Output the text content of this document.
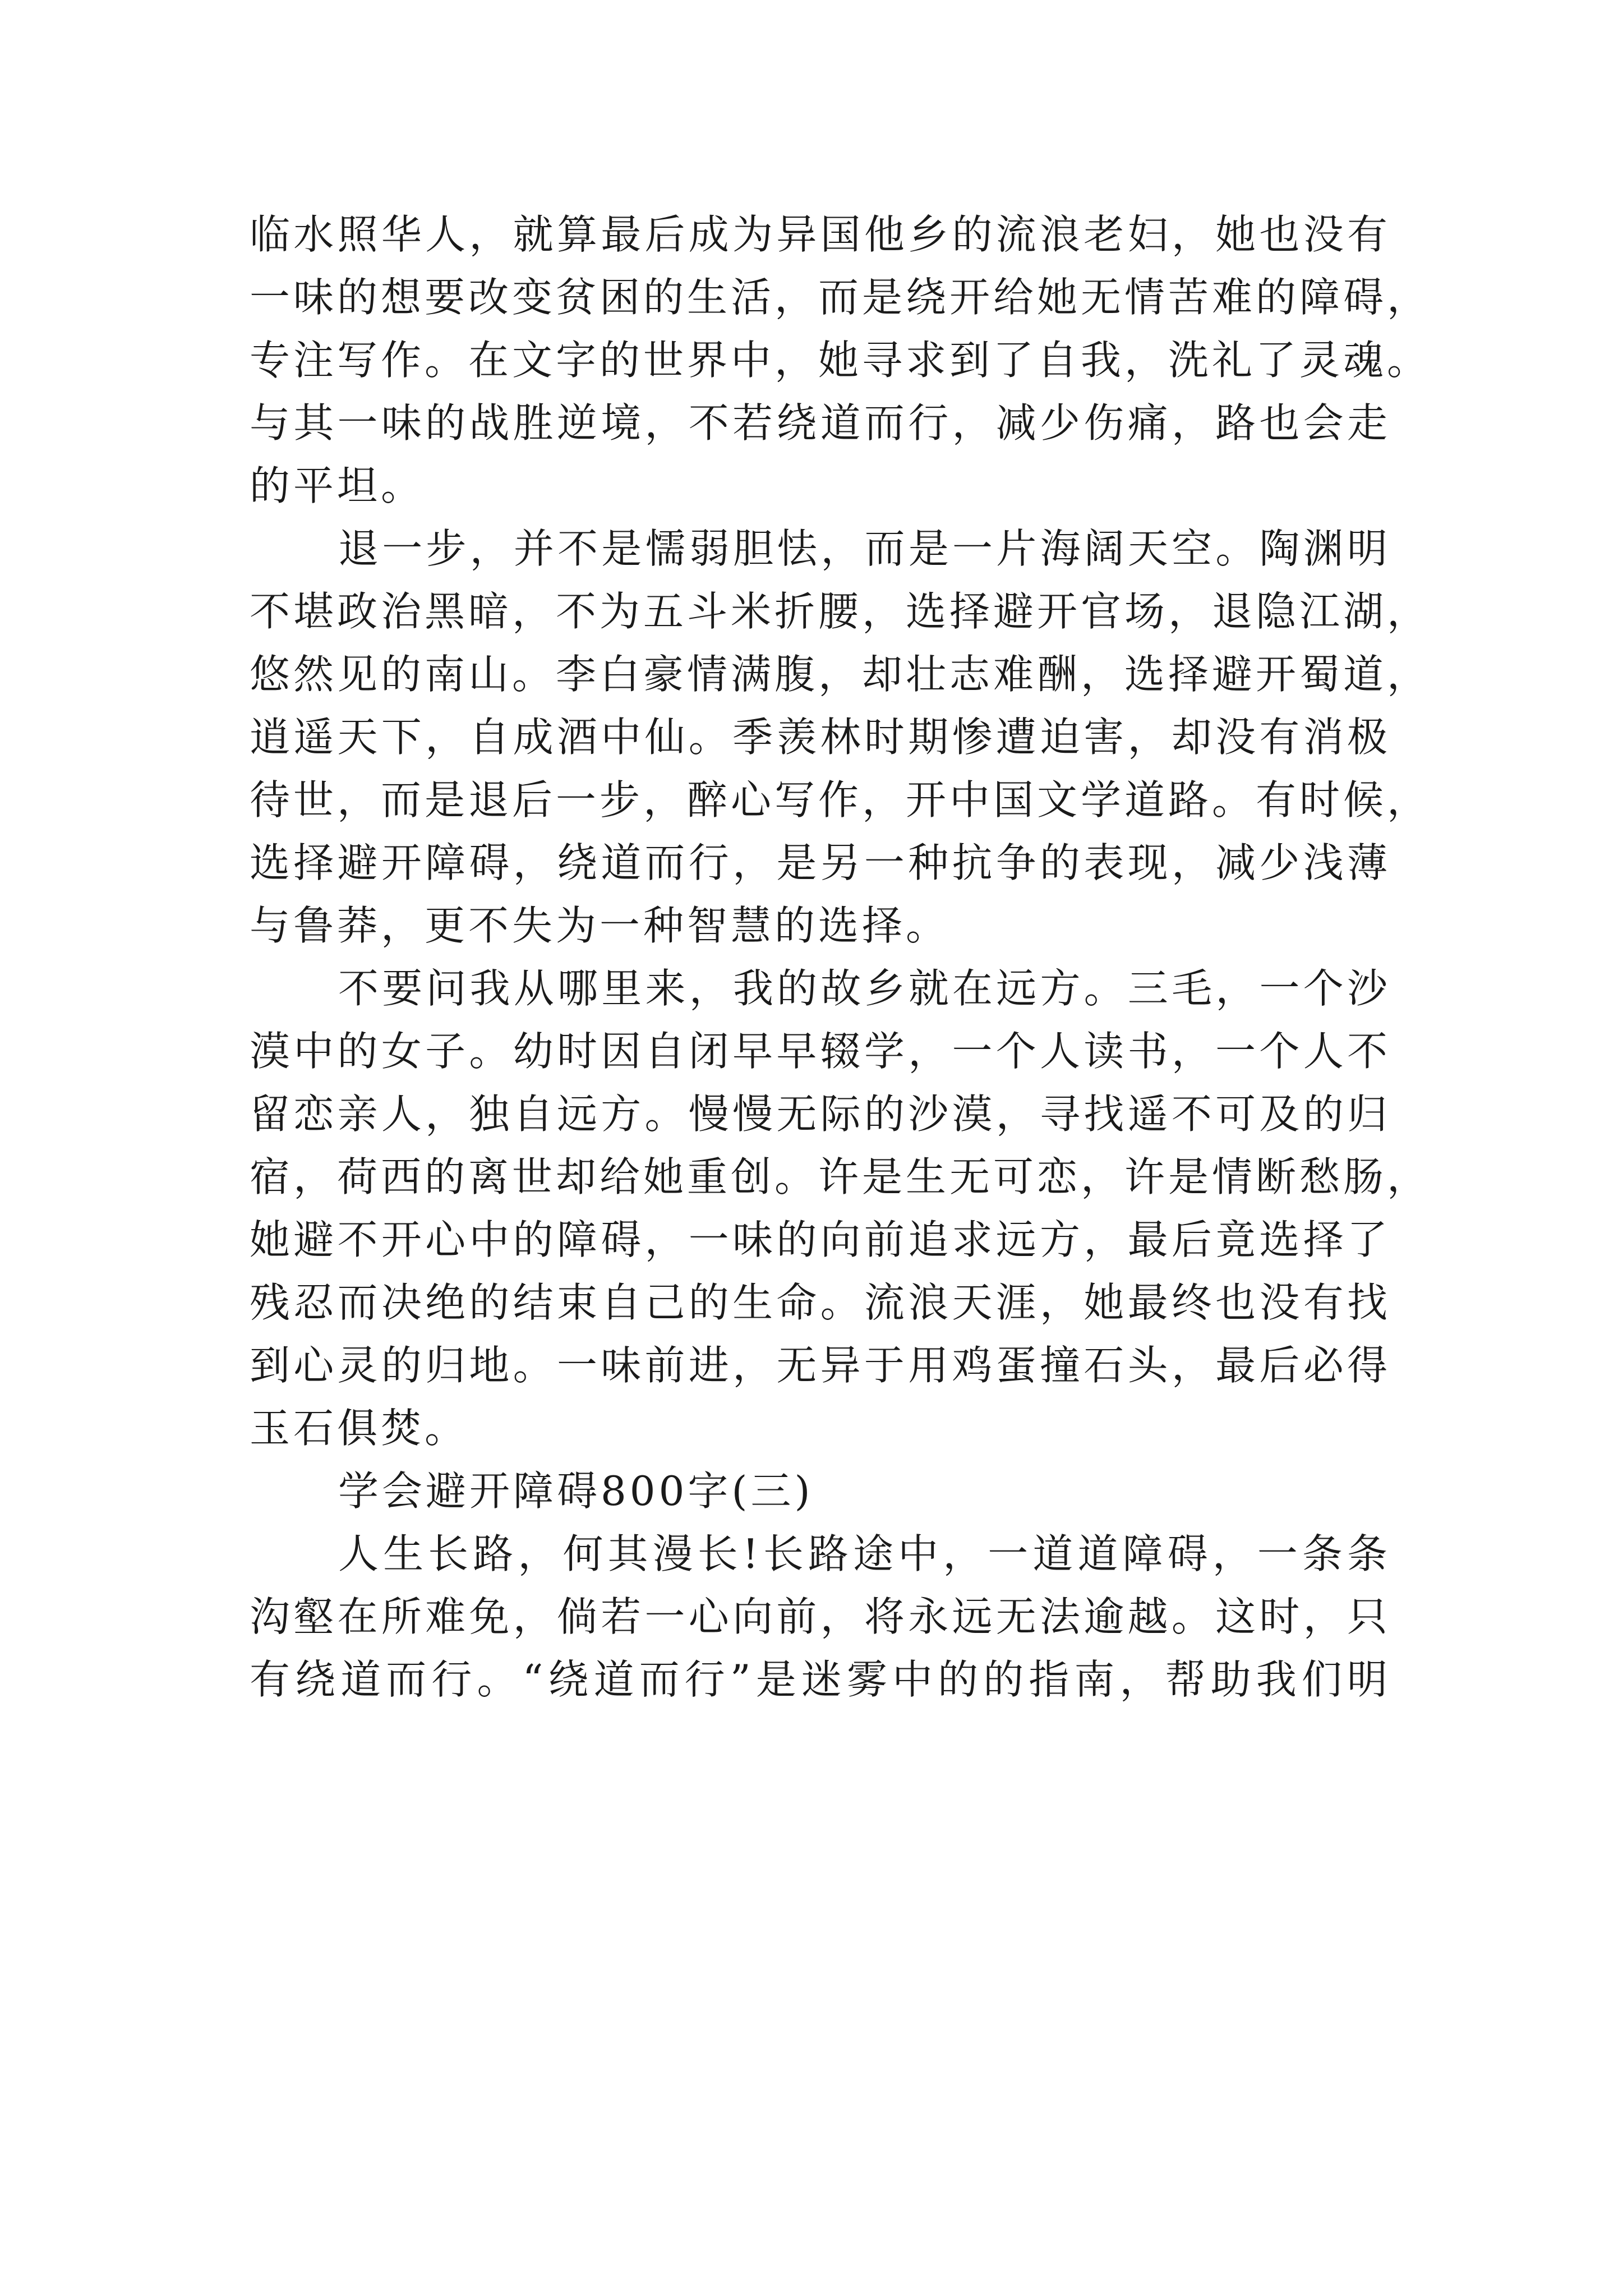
临水照华人，就算最后成为异国他乡的流浪老妇，她也没有
一味的想要改变贫困的生活，而是绕开给她无情苦难的障碍，
专注写作。在文字的世界中，她寻求到了自我，洗礼了灵魂。
与其一味的战胜逆境，不若绕道而行，减少伤痛，路也会走
的平坦。
退一步，并不是懦弱胆怯，而是一片海阔天空。陶渊明
不堪政治黑暗，不为五斗米折腰，选择避开官场，退隐江湖，
悠然见的南山。李白豪情满腹，却壮志难酬，选择避开蜀道，
逍遥天下，自成酒中仙。季羡林时期惨遭迫害，却没有消极
待世，而是退后一步，醉心写作，开中国文学道路。有时候，
选择避开障碍，绕道而行，是另一种抗争的表现，减少浅薄
与鲁莽，更不失为一种智慧的选择。
不要问我从哪里来，我的故乡就在远方。三毛，一个沙
漠中的女子。幼时因自闭早早辍学，一个人读书，一个人不
留恋亲人，独自远方。慢慢无际的沙漠，寻找遥不可及的归
宿，荷西的离世却给她重创。许是生无可恋，许是情断愁肠，
她避不开心中的障碍，一味的向前追求远方，最后竟选择了
残忍而决绝的结束自己的生命。流浪天涯，她最终也没有找
到心灵的归地。一味前进，无异于用鸡蛋撞石头，最后必得
玉石俱焚。
学会避开障碍800字(三)
人生长路，何其漫长!长路途中，一道道障碍，一条条
沟壑在所难免，倘若一心向前，将永远无法逾越。这时，只
有绕道而行。“绕道而行”是迷雾中的的指南，帮助我们明
